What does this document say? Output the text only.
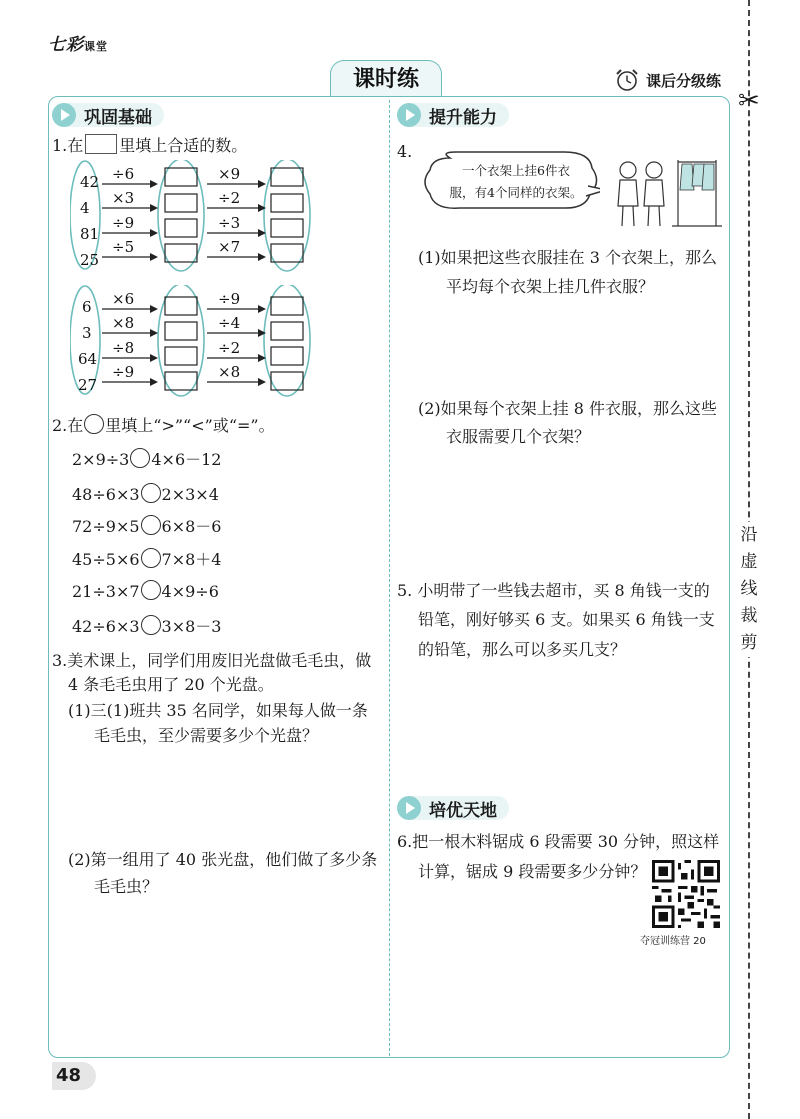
七彩课堂
课时练	课后分级练
✂
沿
虚
线
裁
剪
巩固基础
1.在 里填上合适的数。
42
4
81
25
÷6
×3
÷9
÷5
×9
÷2
÷3
×7
6
3
64
27
×6
×8
÷8
÷9
÷9
÷4
÷2
×8
2.在 里填上“>”“<”或“=”。
2×9÷3 4×6－12
48÷6×3 2×3×4
72÷9×5 6×8－6
45÷5×6 7×8＋4
21÷3×7 4×9÷6
42÷6×3 3×8－3
3.美术课上，同学们用废旧光盘做毛毛虫，做
4 条毛毛虫用了 20 个光盘。
(1)三(1)班共 35 名同学，如果每人做一条
毛毛虫，至少需要多少个光盘？
(2)第一组用了 40 张光盘，他们做了多少条
毛毛虫？
提升能力
4.
一个衣架上挂6件衣
服，有4个同样的衣架。
(1)如果把这些衣服挂在 3 个衣架上，那么
平均每个衣架上挂几件衣服？
(2)如果每个衣架上挂 8 件衣服，那么这些
衣服需要几个衣架？
5. 小明带了一些钱去超市，买 8 角钱一支的
铅笔，刚好够买 6 支。如果买 6 角钱一支
的铅笔，那么可以多买几支？
培优天地
6.把一根木料锯成 6 段需要 30 分钟，照这样
计算，锯成 9 段需要多少分钟？
夺冠训练营 20
48
